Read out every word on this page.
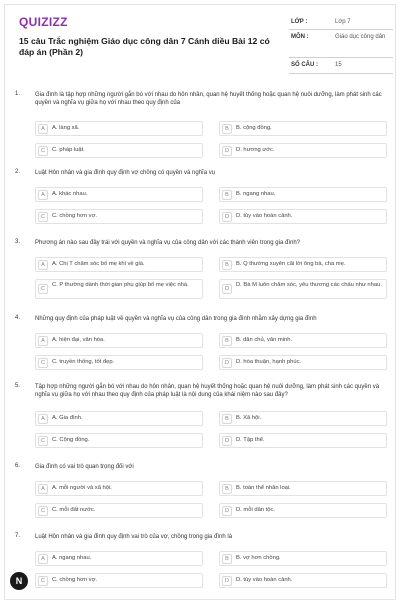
QUIZIZZ
15 câu Trắc nghiệm Giáo dục công dân 7 Cánh diều Bài 12 có đáp án (Phần 2)
LỚP :	Lớp 7
MÔN :	Giáo dục công dân
SỐ CÂU :	15
1. Gia đình là tập hợp những người gắn bó với nhau do hôn nhân, quan hệ huyết thống hoặc quan hệ nuôi dưỡng, làm phát sinh các quyền và nghĩa vụ giữa họ với nhau theo quy định của
A	A. làng xã.	B	B. cộng đồng.
C	C. pháp luật.	D	D. hương ước.
2. Luật Hôn nhân và gia đình quy định vợ chồng có quyền và nghĩa vụ
A	A. khác nhau.	B	B. ngang nhau.
C	C. chồng hơn vợ.	D	D. tùy vào hoàn cảnh.
3. Phương án nào sau đây trái với quyền và nghĩa vụ của công dân với các thành viên trong gia đình?
A	A. Chị T chăm sóc bố mẹ khi về già.	B	B. Q thường xuyên cãi lời ông bà, cha mẹ.
C
C. P thường dành thời gian phụ giúp bố mẹ việc nhà.
D
D. Bà M luôn chăm sóc, yêu thương các cháu như nhau.
4. Những quy định của pháp luật về quyền và nghĩa vụ của công dân trong gia đình nhằm xây dựng gia đình
A	A. hiện đại, văn hóa.	B	B. dân chủ, văn minh.
C	C. truyền thống, tốt đẹp.	D	D. hòa thuận, hạnh phúc.
5. Tập hợp những người gắn bó với nhau do hôn nhân, quan hệ huyết thống hoặc quan hệ nuôi dưỡng, làm phát sinh các quyền và nghĩa vụ giữa họ với nhau theo quy định của pháp luật là nội dung của khái niệm nào sau đây?
A	A. Gia đình.	B	B. Xã hội.
C	C. Cộng đồng.	D	D. Tập thể.
6. Gia đình có vai trò quan trọng đối với
A	A. mỗi người và xã hội.	B	B. toàn thể nhân loại.
C	C. mỗi đất nước.	D	D. mỗi dân tộc.
7. Luật Hôn nhân và gia đình quy định vai trò của vợ, chồng trong gia đình là
A	A. ngang nhau.	B	B. vợ hơn chồng.
C	C. chồng hơn vợ.	D	D. tùy vào hoàn cảnh.
N
